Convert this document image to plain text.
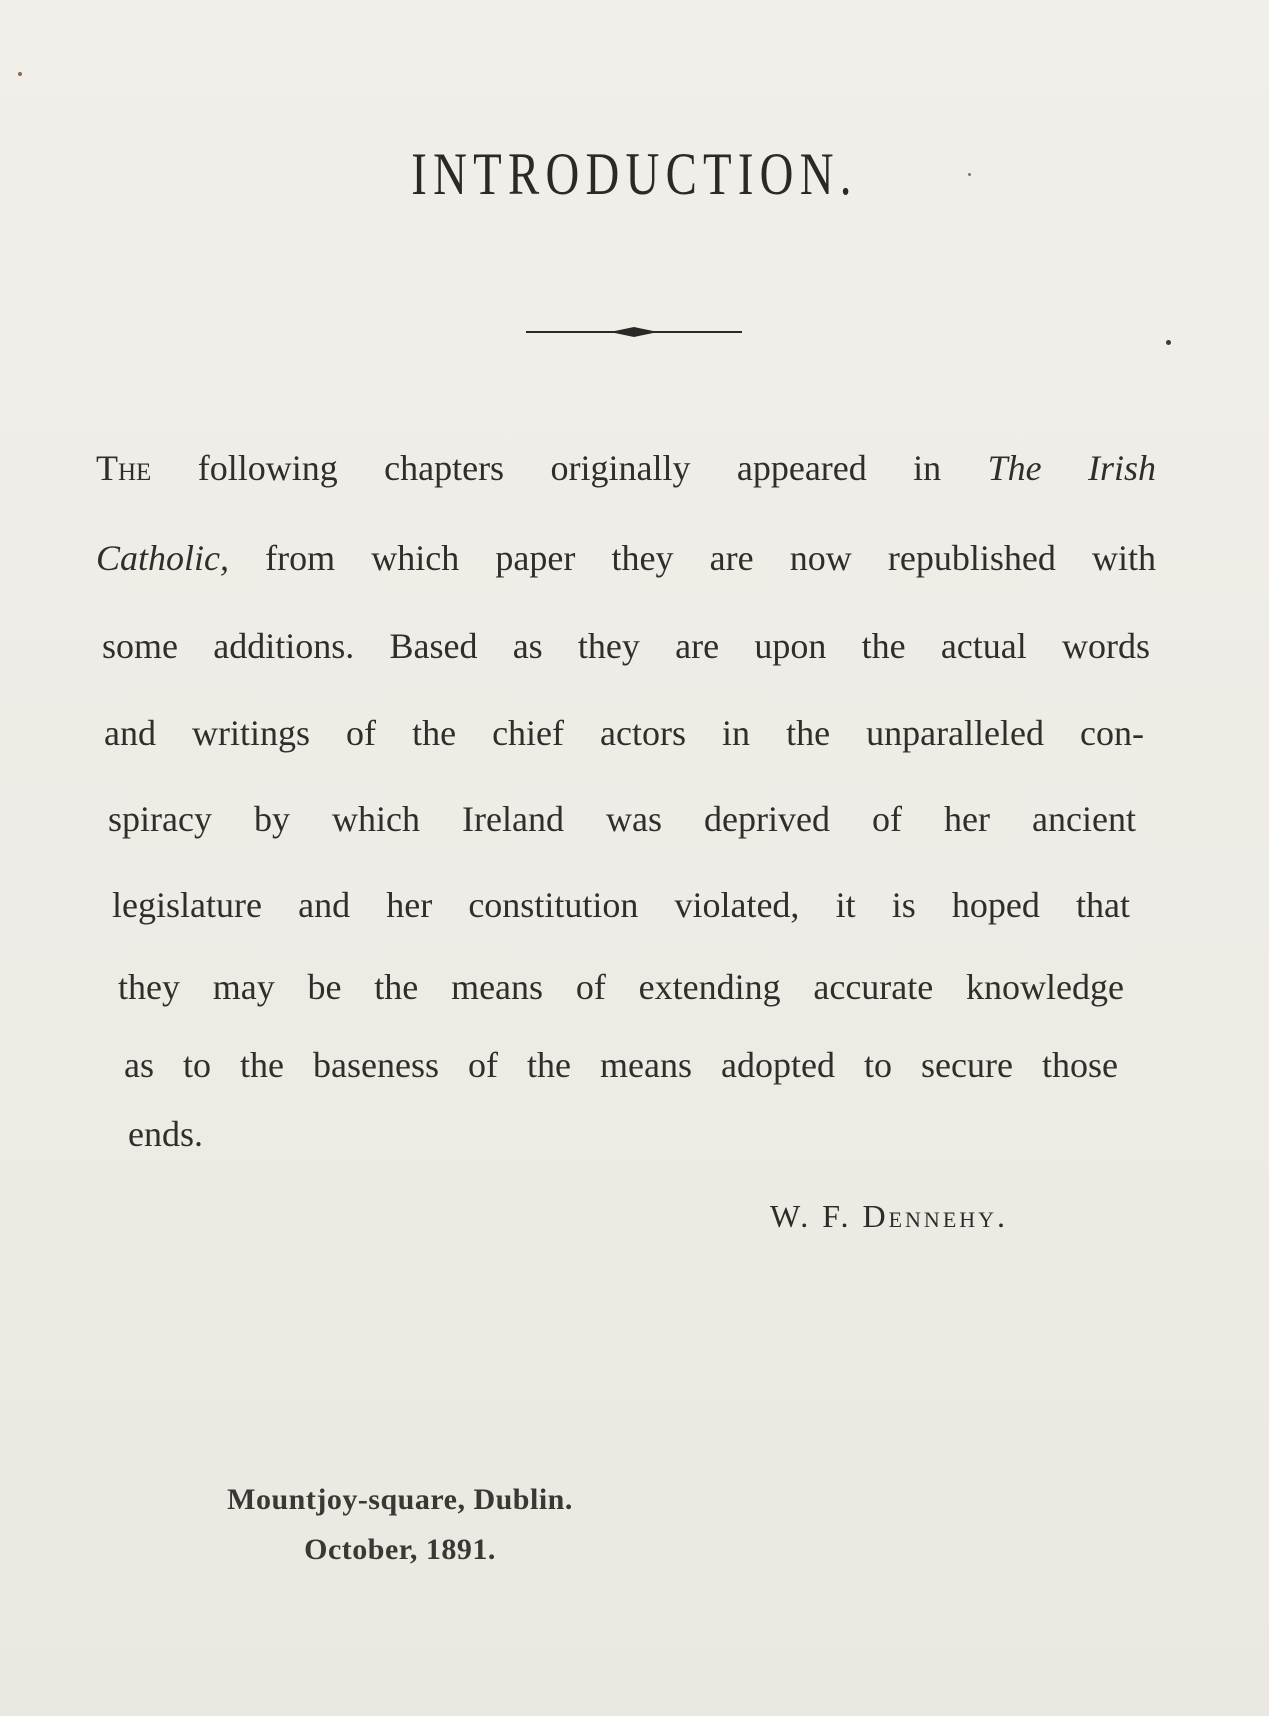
INTRODUCTION.

The following chapters originally appeared in The Irish

Catholic, from which paper they are now republished with

some additions. Based as they are upon the actual words

and writings of the chief actors in the unparalleled con-

spiracy by which Ireland was deprived of her ancient

legislature and her constitution violated, it is hoped that

they may be the means of extending accurate knowledge

as to the baseness of the means adopted to secure those

ends.

W. F. Dennehy.

Mountjoy-square, Dublin.

October, 1891.
